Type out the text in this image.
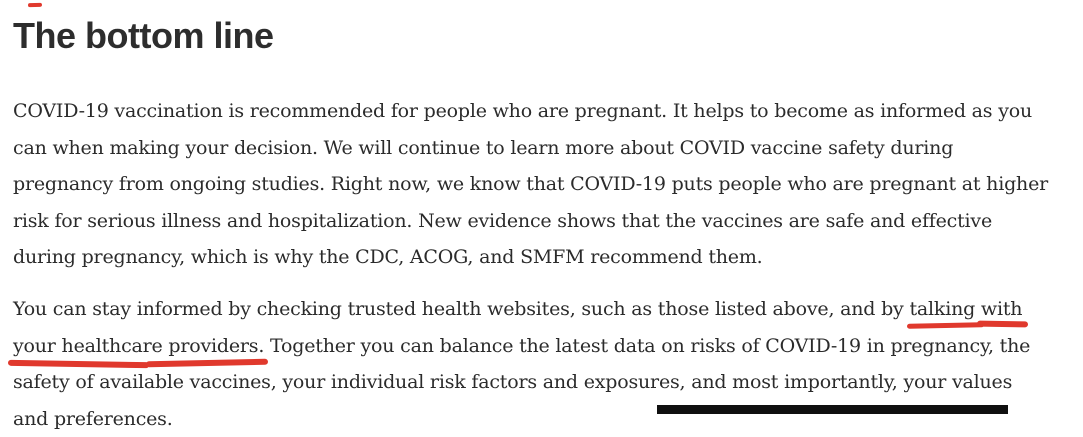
The bottom line
COVID-19 vaccination is recommended for people who are pregnant. It helps to become as informed as you
can when making your decision. We will continue to learn more about COVID vaccine safety during
pregnancy from ongoing studies. Right now, we know that COVID-19 puts people who are pregnant at higher
risk for serious illness and hospitalization. New evidence shows that the vaccines are safe and effective
during pregnancy, which is why the CDC, ACOG, and SMFM recommend them.
You can stay informed by checking trusted health websites, such as those listed above, and by talking with
your healthcare providers. Together you can balance the latest data on risks of COVID-19 in pregnancy, the
safety of available vaccines, your individual risk factors and exposures, and most importantly, your values
and preferences.
